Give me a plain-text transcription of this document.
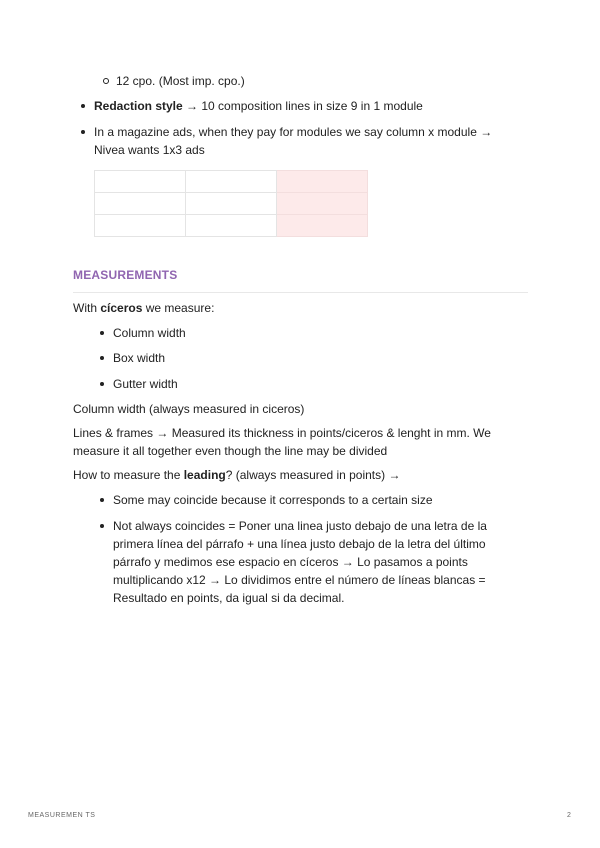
12 cpo. (Most imp. cpo.)
Redaction style → 10 composition lines in size 9 in 1 module
In a magazine ads, when they pay for modules we say column x module →
Nivea wants 1x3 ads

MEASUREMENTS
With cíceros we measure:
Column width
Box width
Gutter width
Column width (always measured in ciceros)
Lines & frames → Measured its thickness in points/ciceros & lenght in mm. We
measure it all together even though the line may be divided
How to measure the leading? (always measured in points) →
Some may coincide because it corresponds to a certain size
Not always coincides = Poner una linea justo debajo de una letra de la
primera línea del párrafo + una línea justo debajo de la letra del último
párrafo y medimos ese espacio en cíceros → Lo pasamos a points
multiplicando x12 → Lo dividimos entre el número de líneas blancas =
Resultado en points, da igual si da decimal.
MEASUREMEN TS	2
